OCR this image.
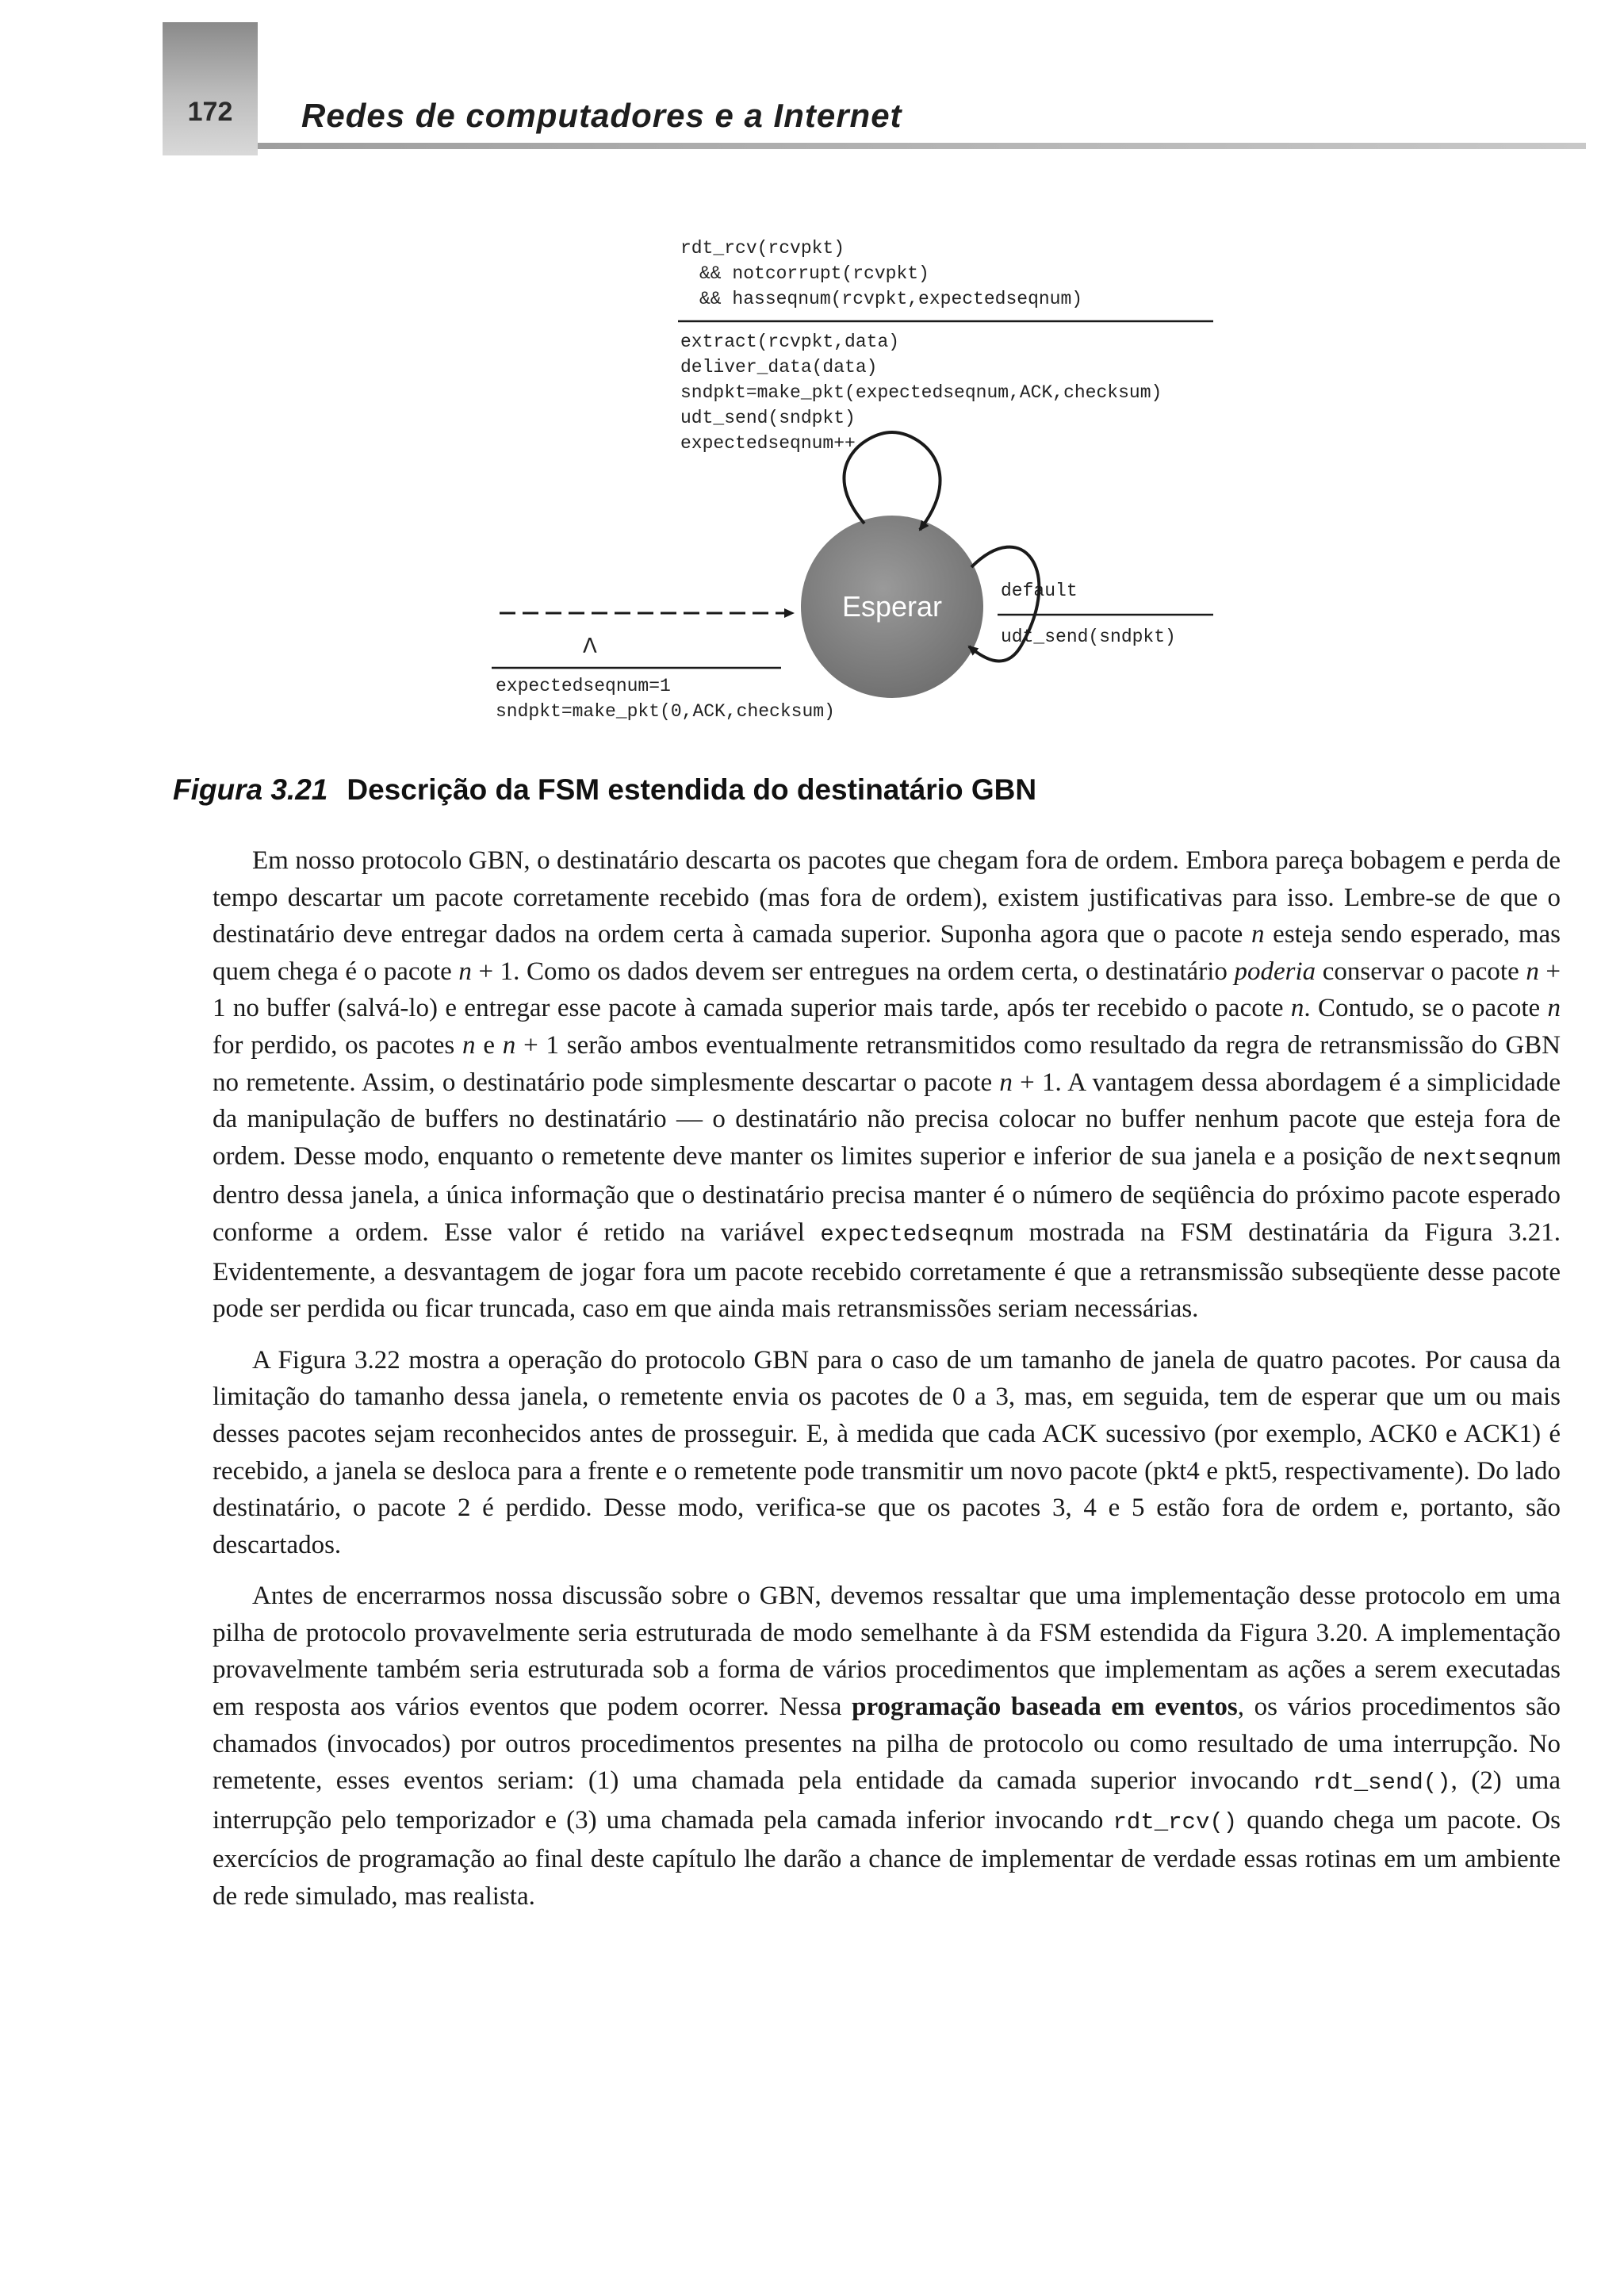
172	Redes de computadores e a Internet
rdt_rcv(rcvpkt)
&& notcorrupt(rcvpkt)
&& hasseqnum(rcvpkt,expectedseqnum)
extract(rcvpkt,data)
deliver_data(data)
sndpkt=make_pkt(expectedseqnum,ACK,checksum)
udt_send(sndpkt)
expectedseqnum++
default
udt_send(sndpkt)
Λ
expectedseqnum=1
sndpkt=make_pkt(0,ACK,checksum)
Esperar
Figura 3.21 Descrição da FSM estendida do destinatário GBN

Em nosso protocolo GBN, o destinatário descarta os pacotes que chegam fora de ordem. Embora pareça bobagem e perda de tempo descartar um pacote corretamente recebido (mas fora de ordem), existem justificativas para isso. Lembre-se de que o destinatário deve entregar dados na ordem certa à camada superior. Suponha agora que o pacote n esteja sendo esperado, mas quem chega é o pacote n + 1. Como os dados devem ser entregues na ordem certa, o destinatário poderia conservar o pacote n + 1 no buffer (salvá-lo) e entregar esse pacote à camada superior mais tarde, após ter recebido o pacote n. Contudo, se o pacote n for perdido, os pacotes n e n + 1 serão ambos eventualmente retransmitidos como resultado da regra de retransmissão do GBN no remetente. Assim, o destinatário pode simplesmente descartar o pacote n + 1. A vantagem dessa abordagem é a simplicidade da manipulação de buffers no destinatário — o destinatário não precisa colocar no buffer nenhum pacote que esteja fora de ordem. Desse modo, enquanto o remetente deve manter os limites superior e inferior de sua janela e a posição de nextseqnum dentro dessa janela, a única informação que o destinatário precisa manter é o número de seqüência do próximo pacote esperado conforme a ordem. Esse valor é retido na variável expectedseqnum mostrada na FSM destinatária da Figura 3.21. Evidentemente, a desvantagem de jogar fora um pacote recebido corretamente é que a retransmissão subseqüente desse pacote pode ser perdida ou ficar truncada, caso em que ainda mais retransmissões seriam necessárias.

A Figura 3.22 mostra a operação do protocolo GBN para o caso de um tamanho de janela de quatro pacotes. Por causa da limitação do tamanho dessa janela, o remetente envia os pacotes de 0 a 3, mas, em seguida, tem de esperar que um ou mais desses pacotes sejam reconhecidos antes de prosseguir. E, à medida que cada ACK sucessivo (por exemplo, ACK0 e ACK1) é recebido, a janela se desloca para a frente e o remetente pode transmitir um novo pacote (pkt4 e pkt5, respectivamente). Do lado destinatário, o pacote 2 é perdido. Desse modo, verifica-se que os pacotes 3, 4 e 5 estão fora de ordem e, portanto, são descartados.

Antes de encerrarmos nossa discussão sobre o GBN, devemos ressaltar que uma implementação desse protocolo em uma pilha de protocolo provavelmente seria estruturada de modo semelhante à da FSM estendida da Figura 3.20. A implementação provavelmente também seria estruturada sob a forma de vários procedimentos que implementam as ações a serem executadas em resposta aos vários eventos que podem ocorrer. Nessa programação baseada em eventos, os vários procedimentos são chamados (invocados) por outros procedimentos presentes na pilha de protocolo ou como resultado de uma interrupção. No remetente, esses eventos seriam: (1) uma chamada pela entidade da camada superior invocando rdt_send(), (2) uma interrupção pelo temporizador e (3) uma chamada pela camada inferior invocando rdt_rcv() quando chega um pacote. Os exercícios de programação ao final deste capítulo lhe darão a chance de implementar de verdade essas rotinas em um ambiente de rede simulado, mas realista.
